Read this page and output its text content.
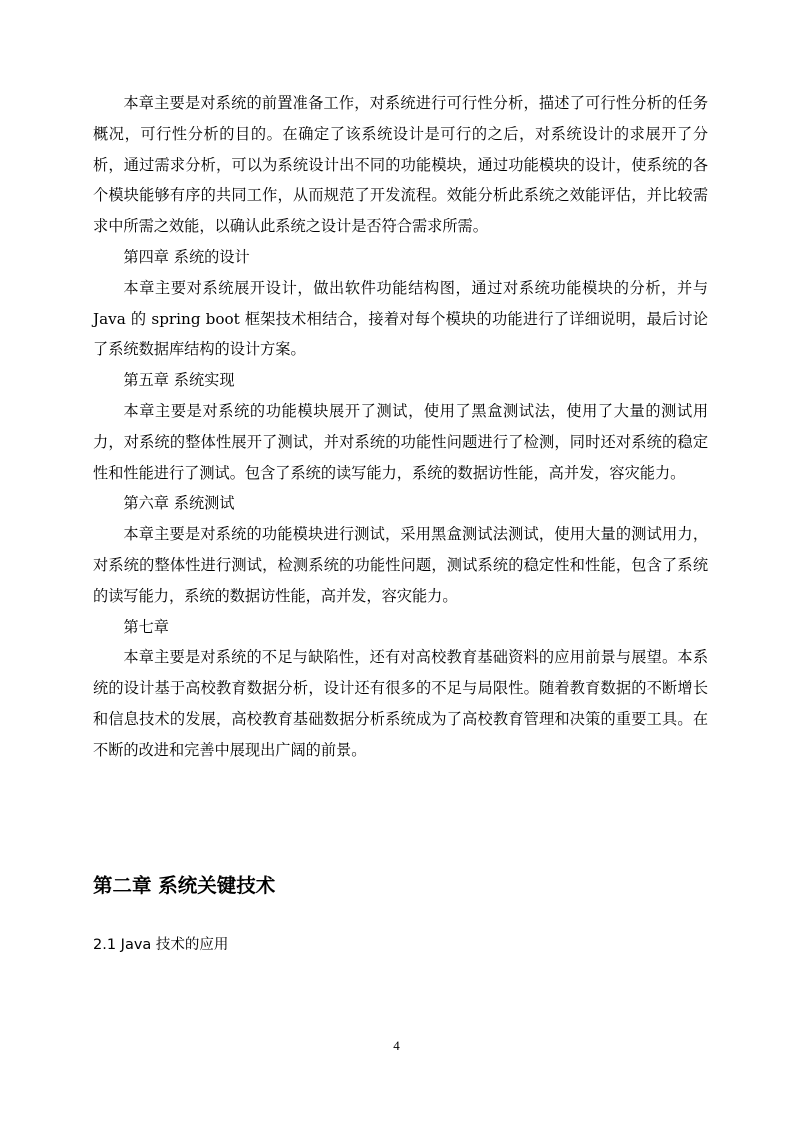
本章主要是对系统的前置准备工作，对系统进行可行性分析，描述了可行性分析的任务概况，可行性分析的目的。在确定了该系统设计是可行的之后，对系统设计的求展开了分析，通过需求分析，可以为系统设计出不同的功能模块，通过功能模块的设计，使系统的各个模块能够有序的共同工作，从而规范了开发流程。效能分析此系统之效能评估，并比较需求中所需之效能，以确认此系统之设计是否符合需求所需。

第四章 系统的设计

本章主要对系统展开设计，做出软件功能结构图，通过对系统功能模块的分析，并与 Java 的 spring boot 框架技术相结合，接着对每个模块的功能进行了详细说明，最后讨论了系统数据库结构的设计方案。

第五章 系统实现

本章主要是对系统的功能模块展开了测试，使用了黑盒测试法，使用了大量的测试用力，对系统的整体性展开了测试，并对系统的功能性问题进行了检测，同时还对系统的稳定性和性能进行了测试。包含了系统的读写能力，系统的数据访性能，高并发，容灾能力。

第六章 系统测试

本章主要是对系统的功能模块进行测试，采用黑盒测试法测试，使用大量的测试用力，对系统的整体性进行测试，检测系统的功能性问题，测试系统的稳定性和性能，包含了系统的读写能力，系统的数据访性能，高并发，容灾能力。

第七章

本章主要是对系统的不足与缺陷性，还有对高校教育基础资料的应用前景与展望。本系统的设计基于高校教育数据分析，设计还有很多的不足与局限性。随着教育数据的不断增长和信息技术的发展，高校教育基础数据分析系统成为了高校教育管理和决策的重要工具。在不断的改进和完善中展现出广阔的前景。

第二章 系统关键技术
2.1 Java 技术的应用
4
